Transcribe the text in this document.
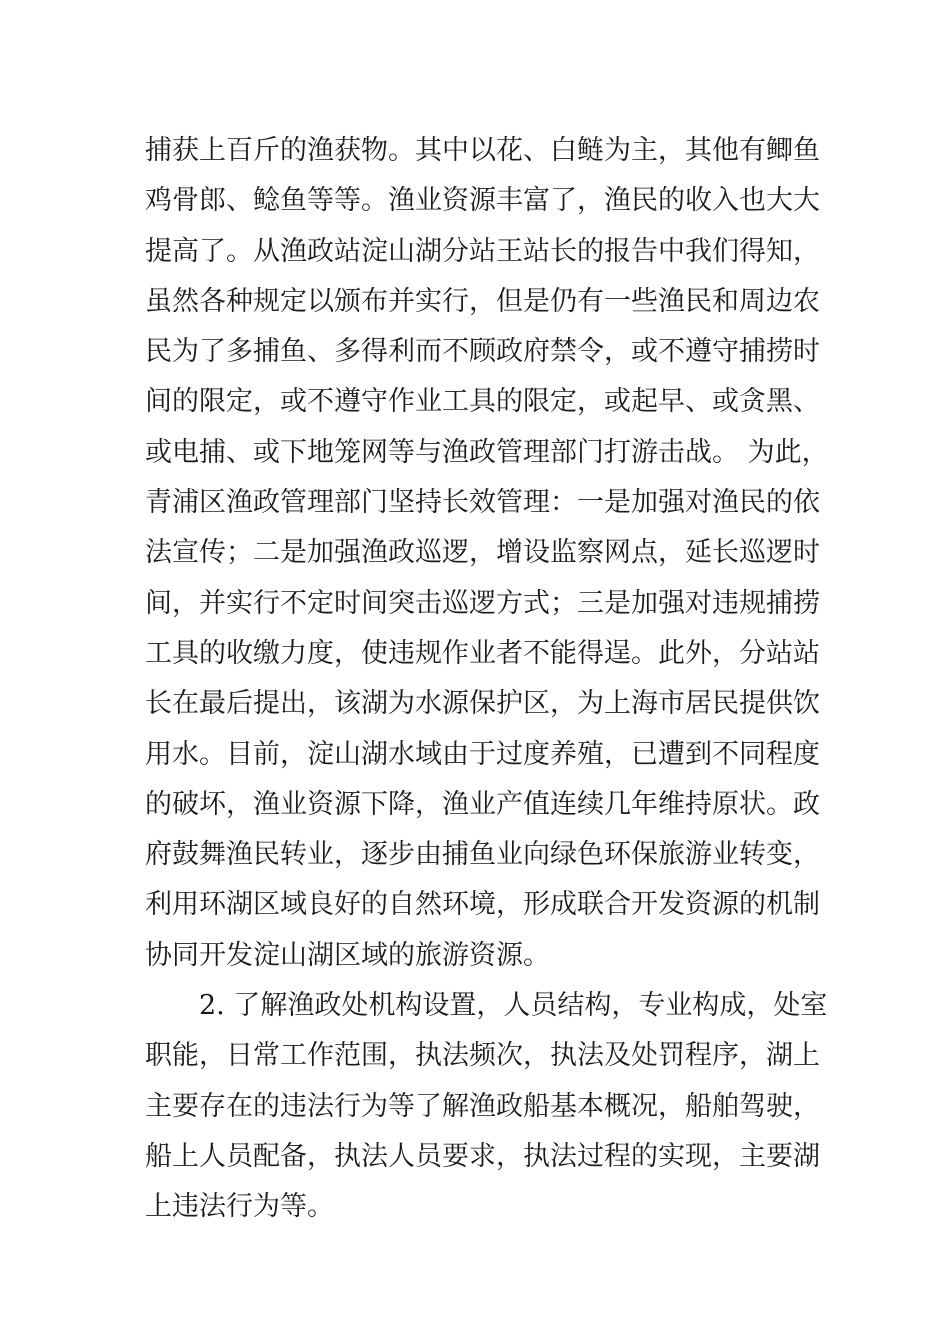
捕获上百斤的渔获物。其中以花、白鲢为主，其他有鲫鱼
鸡骨郎、鲶鱼等等。渔业资源丰富了，渔民的收入也大大
提高了。从渔政站淀山湖分站王站长的报告中我们得知，
虽然各种规定以颁布并实行，但是仍有一些渔民和周边农
民为了多捕鱼、多得利而不顾政府禁令，或不遵守捕捞时
间的限定，或不遵守作业工具的限定，或起早、或贪黑、
或电捕、或下地笼网等与渔政管理部门打游击战。 为此，
青浦区渔政管理部门坚持长效管理：一是加强对渔民的依
法宣传；二是加强渔政巡逻，增设监察网点，延长巡逻时
间，并实行不定时间突击巡逻方式；三是加强对违规捕捞
工具的收缴力度，使违规作业者不能得逞。此外，分站站
长在最后提出，该湖为水源保护区，为上海市居民提供饮
用水。目前，淀山湖水域由于过度养殖，已遭到不同程度
的破坏，渔业资源下降，渔业产值连续几年维持原状。政
府鼓舞渔民转业，逐步由捕鱼业向绿色环保旅游业转变，
利用环湖区域良好的自然环境，形成联合开发资源的机制
协同开发淀山湖区域的旅游资源。
2. 了解渔政处机构设置，人员结构，专业构成，处室
职能，日常工作范围，执法频次，执法及处罚程序，湖上
主要存在的违法行为等了解渔政船基本概况，船舶驾驶，
船上人员配备，执法人员要求，执法过程的实现，主要湖
上违法行为等。
